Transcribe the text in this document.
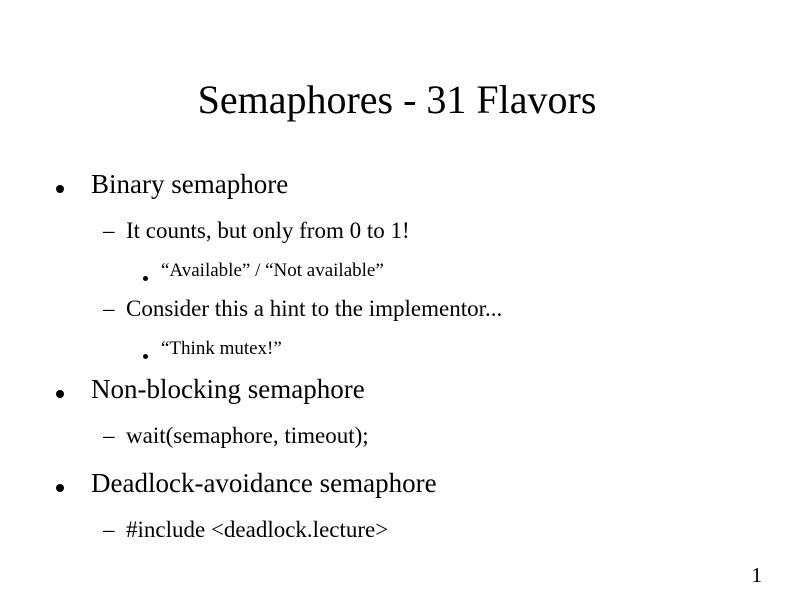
Semaphores - 31 Flavors
Binary semaphore
– It counts, but only from 0 to 1!
“Available” / “Not available”
– Consider this a hint to the implementor...
“Think mutex!”
Non-blocking semaphore
– wait(semaphore, timeout);
Deadlock-avoidance semaphore
– #include <deadlock.lecture>
1
